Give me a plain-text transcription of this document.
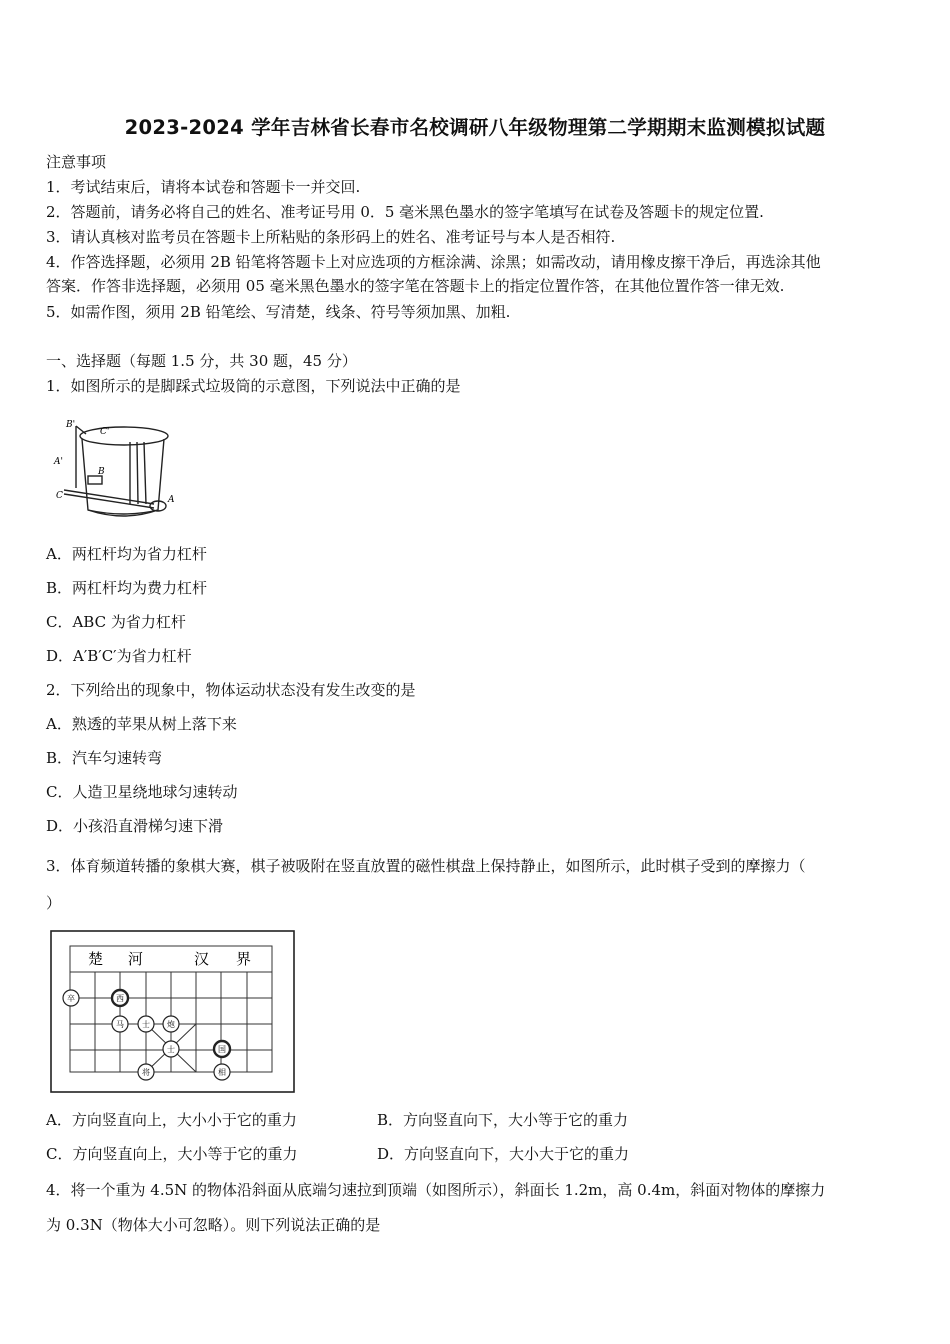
2023-2024 学年吉林省长春市名校调研八年级物理第二学期期末监测模拟试题
注意事项
1．考试结束后，请将本试卷和答题卡一并交回.
2．答题前，请务必将自己的姓名、准考证号用 0．5 毫米黑色墨水的签字笔填写在试卷及答题卡的规定位置.
3．请认真核对监考员在答题卡上所粘贴的条形码上的姓名、准考证号与本人是否相符.
4．作答选择题，必须用 2B 铅笔将答题卡上对应选项的方框涂满、涂黑；如需改动，请用橡皮擦干净后，再选涂其他
答案．作答非选择题，必须用 05 毫米黑色墨水的签字笔在答题卡上的指定位置作答，在其他位置作答一律无效.
5．如需作图，须用 2B 铅笔绘、写清楚，线条、符号等须加黑、加粗.
一、选择题（每题 1.5 分，共 30 题，45 分）
1．如图所示的是脚踩式垃圾筒的示意图，下列说法中正确的是
B'
C'
A'
B
C	A
A．两杠杆均为省力杠杆
B．两杠杆均为费力杠杆
C．ABC 为省力杠杆
D．A′B′C′为省力杠杆
2．下列给出的现象中，物体运动状态没有发生改变的是
A．熟透的苹果从树上落下来
B．汽车匀速转弯
C．人造卫星绕地球匀速转动
D．小孩沿直滑梯匀速下滑
3．体育频道转播的象棋大赛，棋子被吸附在竖直放置的磁性棋盘上保持静止，如图所示，此时棋子受到的摩擦力（
）
楚 河	汉 界
卒	西
马 士 炮
士	国
将	相
A．方向竖直向上，大小小于它的重力	B．方向竖直向下，大小等于它的重力
C．方向竖直向上，大小等于它的重力	D．方向竖直向下，大小大于它的重力
4．将一个重为 4.5N 的物体沿斜面从底端匀速拉到顶端（如图所示），斜面长 1.2m，高 0.4m，斜面对物体的摩擦力
为 0.3N（物体大小可忽略）。则下列说法正确的是
